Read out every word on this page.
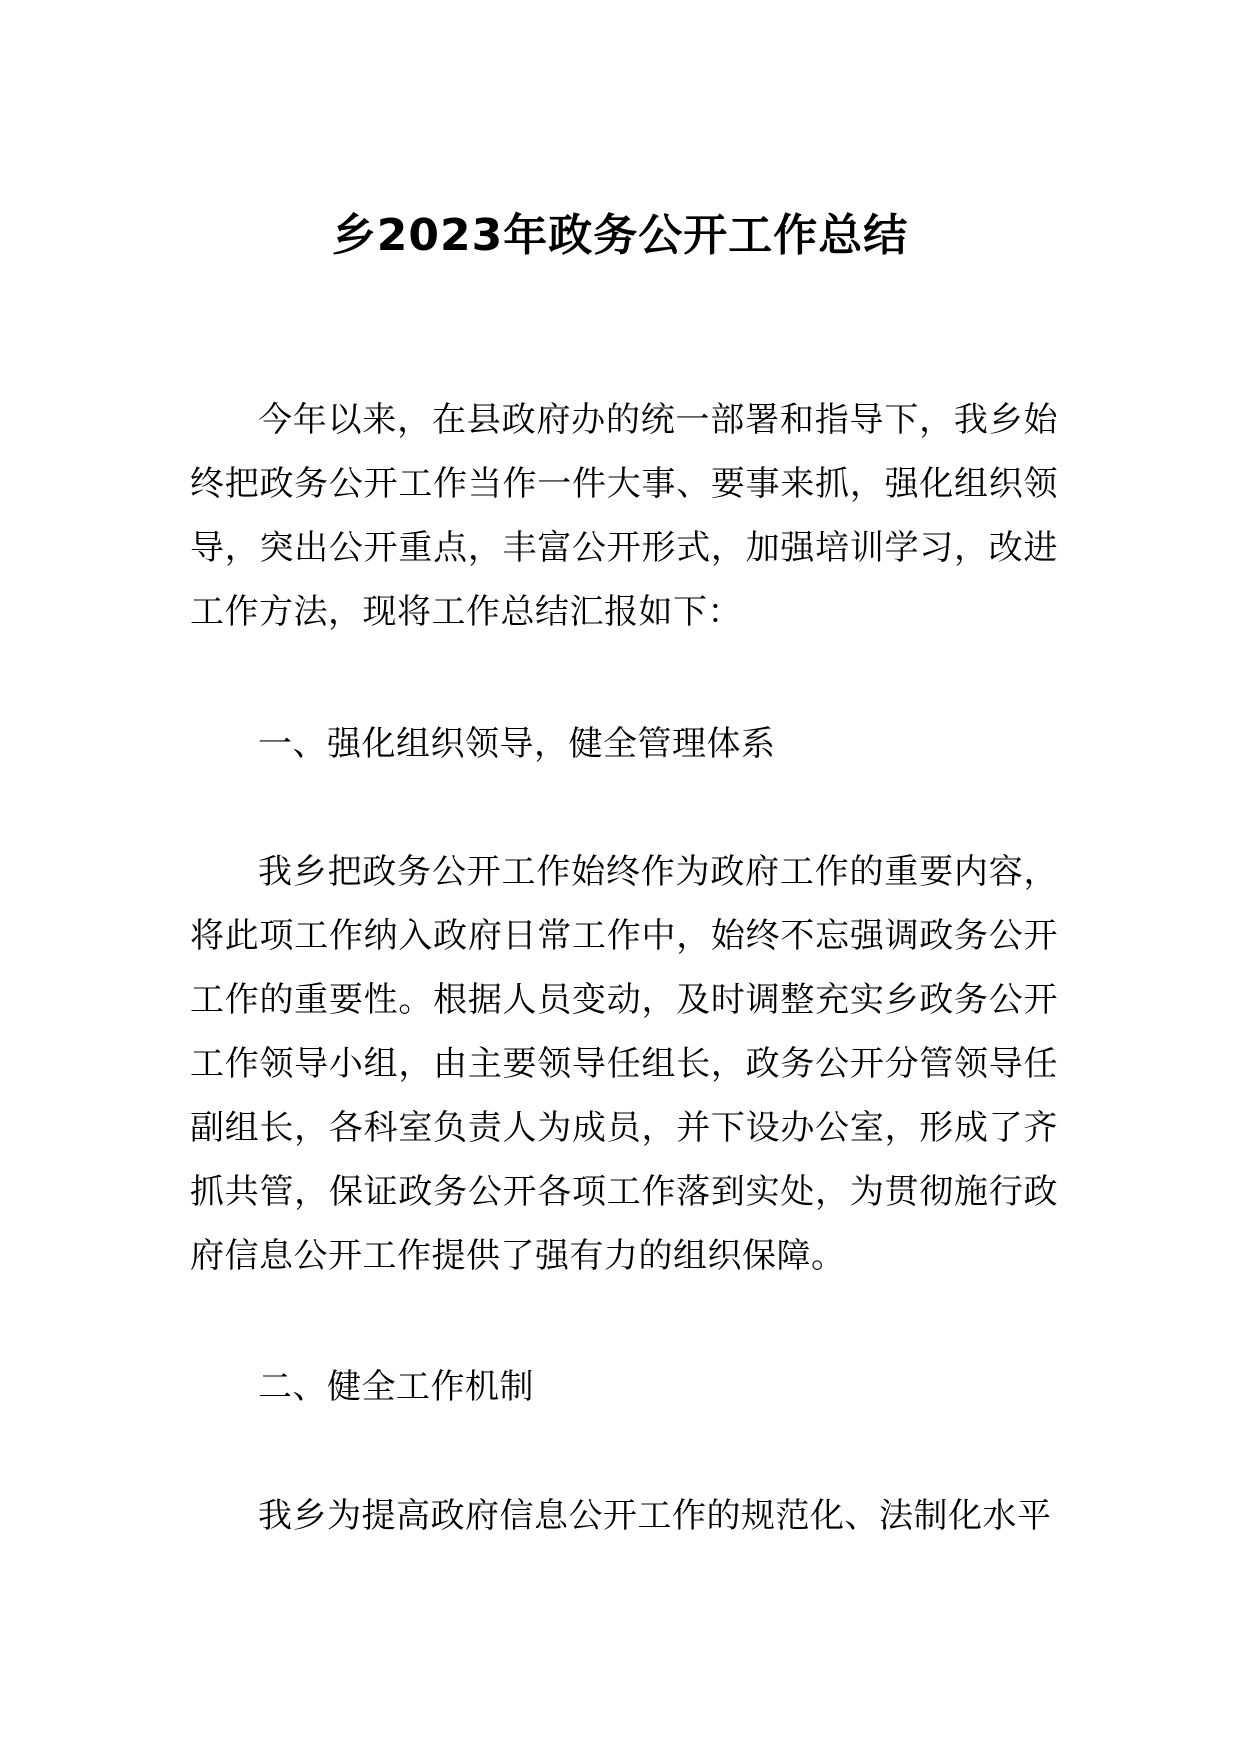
乡2023年政务公开工作总结

今年以来，在县政府办的统一部署和指导下，我乡始终把政务公开工作当作一件大事、要事来抓，强化组织领导，突出公开重点，丰富公开形式，加强培训学习，改进工作方法，现将工作总结汇报如下：

一、强化组织领导，健全管理体系

我乡把政务公开工作始终作为政府工作的重要内容，将此项工作纳入政府日常工作中，始终不忘强调政务公开工作的重要性。根据人员变动，及时调整充实乡政务公开工作领导小组，由主要领导任组长，政务公开分管领导任副组长，各科室负责人为成员，并下设办公室，形成了齐抓共管，保证政务公开各项工作落到实处，为贯彻施行政府信息公开工作提供了强有力的组织保障。

二、健全工作机制

我乡为提高政府信息公开工作的规范化、法制化水平
